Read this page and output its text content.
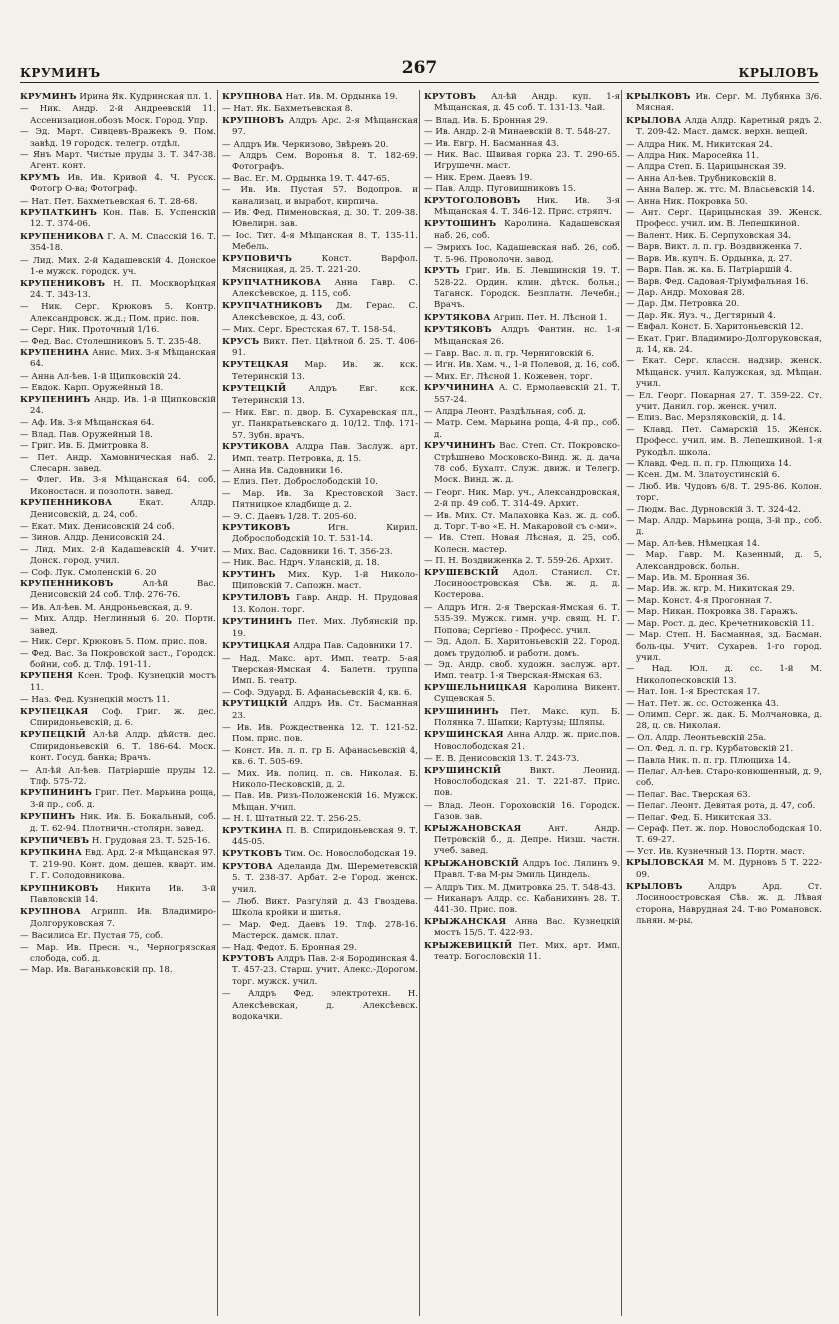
КРУМИНЪ	267	КРЫЛОВЪ
КРУМИНЪ Ирина Як. Кудринская пл. 1.
— Ник. Андр. 2-й Андреевскій 11. Ассенизацион.обозъ Моск. Город. Упр.
— Эд. Март. Сивцевъ-Вражекъ 9. Пом. завѣд. 19 городск. телегр. отдѣл.
— Янъ Март. Чистые пруды 3. Т. 347-38. Агент. конт.
КРУМЪ Ив. Ив. Кривой 4. Ч. Русск. Фотогр О-ва; Фотограф.
— Нат. Пет. Бахметьевская 6. Т. 28-68.
КРУПАТКИНЪ Кон. Пав. Б. Успенскій 12. Т. 374-06.
КРУПЕНИКОВА Г. А. М. Спасскій 16. Т. 354-18.
— Лид. Мих. 2-й Кадашевскій 4. Донское 1-е мужск. городск. уч.
КРУПЕНИКОВЪ Н. П. Москворѣцкая 24. Т. 343-13.
— Ник. Серг. Крюковъ 5. Контр. Александровск. ж.д.; Пом. прис. пов.
— Серг. Ник. Проточный 1/16.
— Фед. Вас. Столешниковъ 5. Т. 235-48.
КРУПЕНИНА Анис. Мих. 3-я Мѣщанская 64.
— Анна Ал-ѣев. 1-й Щипковскій 24.
— Евдок. Карп. Оружейный 18.
КРУПЕНИНЪ Андр. Ив. 1-й Щипковскій 24.
— Аф. Ив. 3-я Мѣщанская 64.
— Влад. Пав. Оружейный 18.
— Григ. Ив. Б. Дмитровка 8.
— Пет. Андр. Хамовническая наб. 2. Слесарн. завед.
— Флег. Ив. 3-я Мѣщанская 64. соб. Иконостасн. и позолотн. завед.
КРУПЕННИКОВА Екат. Алдр. Денисовскій, д. 24, соб.
— Екат. Мих. Денисовскій 24 соб.
— Зинов. Алдр. Денисовскій 24.
— Лид. Мих. 2-й Кадашевскій 4. Учит. Донск. город. учил.
— Соф. Лук. Смоленскій 6. 20
КРУПЕННИКОВЪ Ал-ѣй Вас. Денисовскій 24 соб. Тлф. 276-76.
— Ив. Ал-ѣев. М. Андроньевская, д. 9.
— Мих. Алдр. Неглинный 6. 20. Портн. завед.
— Ник. Серг. Крюковъ 5. Пом. прис. пов.
— Фед. Вас. За Покровской заст., Городск. бойни, соб. д. Тлф. 191-11.
КРУПЕНЯ Ксен. Троф. Кузнецкій мостъ 11.
— Наз. Фед. Кузнецкій мостъ 11.
КРУПЕЦКАЯ Соф. Григ. ж. дес. Спиридоньевскій, д. 6.
КРУПЕЦКІЙ Ал-ѣй Алдр. дѣйств. дес. Спиридоньевскій 6. Т. 186-64. Моск. конт. Госуд. банка; Врачъ.
— Ал-ѣй Ал-ѣев. Патріаршіе пруды 12. Тлф. 575-72.
КРУПИНИНЪ Григ. Пет. Марьина роща, 3-й пр., соб. д.
КРУПИНЪ Ник. Ив. Б. Бокальный, соб. д. Т. 62-94. Плотничн.-столярн. завед.
КРУПИЧЕВЪ Н. Грудовая 23. Т. 525-16.
КРУПКИНА Евд. Ард. 2-я Мѣщанская 97. Т. 219-90. Конт. дом. дешев. кварт. им. Г. Г. Солодовникова.
КРУПНИКОВЪ Никита Ив. 3-й Павловскій 14.
КРУПНОВА Агрипп. Ив. Владимиро-Долгоруковская 7.
— Василиса Ег. Пустая 75, соб.
— Мар. Ив. Пресн. ч., Черногрязская слобода, соб. д.
— Мар. Ив. Ваганьковскій пр. 18.
КРУПНОВА Нат. Ив. М. Ордынка 19.
— Нат. Як. Бахметьевская 8.
КРУПНОВЪ Алдръ Арс. 2-я Мѣщанская 97.
— Алдръ Ив. Черкизово, Звѣревъ 20.
— Алдръ Сем. Воронья 8. Т. 182-69. Фотографъ.
— Вас. Ег. М. Ордынка 19. Т. 447-65.
— Ив. Ив. Пустая 57. Водопров. и канализац. и выработ. кирпича.
— Ив. Фед. Пименовская, д. 30. Т. 209-38. Ювелирн. зав.
— Іос. Тит. 4-я Мѣщанская 8. Т. 135-11. Мебель.
КРУПОВИЧЪ Конст. Варфол. Мясницкая, д. 25. Т. 221-20.
КРУПЧАТНИКОВА Анна Гавр. С. Алексѣевское, д. 115, соб.
КРУПЧАТНИКОВЪ Дм. Герас. С. Алексѣевское, д. 43, соб.
— Мих. Серг. Брестская 67. Т. 158-54.
КРУСЪ Викт. Пет. Цвѣтной б. 25. Т. 406-91.
КРУТЕЦКАЯ Мар. Ив. ж. кск. Тетеринскій 13.
КРУТЕЦКІЙ Алдръ Евг. кск. Тетеринскій 13.
— Ник. Евг. п. двор. Б. Сухаревская пл., уг. Панкратьевскаго д. 10/12. Тлф. 171-57. Зубн. врачъ.
КРУТИКОВА Алдра Пав. Заслуж. арт. Имп. театр. Петровка, д. 15.
— Анна Ив. Садовники 16.
— Елиз. Пет. Доброслободскій 10.
— Мар. Ив. За Крестовской Заст. Пятницкое кладбище д. 2.
— Э. С. Даевъ 1/28. Т. 205-60.
КРУТИКОВЪ Игн. Кирил. Доброслободскій 10. Т. 531-14.
— Мих. Вас. Садовники 16. Т. 356-23.
— Ник. Вас. Ндрч. Уланскій, д. 18.
КРУТИНЪ Мих. Кур. 1-й Николо-Щиповскій 7. Сапожн. маст.
КРУТИЛОВЪ Гавр. Андр. Н. Прудовая 13. Колон. торг.
КРУТИНИНЪ Пет. Мих. Лубянскій пр. 19.
КРУТИЦКАЯ Алдра Пав. Садовники 17.
— Над. Макс. арт. Имп. театр. 5-ая Тверская-Ямская 4. Балетн. труппа Имп. Б. театр.
— Соф. Эдуард. Б. Афанасьевскій 4, кв. 6.
КРУТИЦКІЙ Алдръ Ив. Ст. Басманная 23.
— Ив. Ив. Рождественка 12. Т. 121-52. Пом. прис. пов.
— Конст. Ив. л. п. гр Б. Афанасьевскій 4, кв. 6. Т. 505-69.
— Мих. Ив. полиц. п. св. Николая. Б. Николо-Песковскій, д. 2.
— Пав. Ив. Ризъ-Положенскій 16. Мужск. Мѣщан. Учил.
— Н. І. Штатный 22. Т. 256-25.
КРУТКИНА П. В. Спиридоньевская 9. Т. 445-05.
КРУТКОВЪ Тим. Ос. Новослободская 19.
КРУТОВА Аделаида Дм. Шереметевскій 5. Т. 238-37. Арбат. 2-е Город. женск. учил.
— Люб. Викт. Разгуляй д. 43 Гвоздева. Школа кройки и шитья.
— Мар. Фед. Даевъ 19. Тлф. 278-16. Мастерск. дамск. плат.
— Над. Федот. Б. Бронная 29.
КРУТОВЪ Алдръ Пав. 2-я Бородинская 4. Т. 457-23. Старш. учит. Алекс.-Дорогом. торг. мужск. учил.
— Алдръ Фед. электротехн. Н. Алексѣевская, д. Алексѣевск. водокачки.
КРУТОВЪ Ал-ѣй Андр. куп. 1-я Мѣщанская, д. 45 соб. Т. 131-13. Чай.
— Влад. Ив. Б. Бронная 29.
— Ив. Андр. 2-й Минаевскій 8. Т. 548-27.
— Ив. Евгр. Н. Басманная 43.
— Ник. Вас. Швивая горка 23. Т. 290-65. Игрушечн. маст.
— Ник. Ерем. Даевъ 19.
— Пав. Алдр. Пуговишниковъ 15.
КРУТОГОЛОВОВЪ Ник. Ив. 3-я Мѣщанская 4. Т. 346-12. Прис. стряпч.
КРУТОШИНЪ Каролина. Кадашевская наб. 26, соб.
— Эмрихъ Іос. Кадашевская наб. 26, соб. Т. 5-96. Проволочн. завод.
КРУТЬ Григ. Ив. Б. Левшинскій 19. Т. 528-22. Ордин. клин. дѣтск. больн.; Таганск. Городск. Безплатн. Лечебн.; Врачъ.
КРУТЯКОВА Агрип. Пет. Н. Лѣсной 1.
КРУТЯКОВЪ Алдръ Фантин. нс. 1-я Мѣщанская 26.
— Гавр. Вас. л. п. гр. Черниговскій 6.
— Игн. Ив. Хам. ч., 1-й Полевой, д. 16, соб.
— Мих. Ег. Лѣсной 1. Кожевен. торг.
КРУЧИНИНА А. С. Ермолаевскій 21. Т. 557-24.
— Алдра Леонт. Раздѣльная, соб. д.
— Матр. Сем. Марьина роща, 4-й пр., соб. д.
КРУЧИНИНЪ Вас. Степ. Ст. Покровско-Стрѣшнево Московско-Винд. ж. д. дача 78 соб. Бухалт. Служ. движ. и Телегр. Моск. Винд. ж. д.
— Георг. Ник. Мар. уч., Александровская, 2-й пр. 49 соб. Т. 314-49. Архит.
— Ив. Мих. Ст. Малаховка Каз. ж. д. соб. д. Торг. Т-во «Е. Н. Макаровой съ с-ми».
— Ив. Степ. Новая Лѣсная, д. 25, соб. Колесн. мастер.
— П. Н. Воздвиженка 2. Т. 559-26. Архит.
КРУШЕВСКІЙ Адол. Станисл. Ст. Лосиноостровская Сѣв. ж. д. д. Костерова.
— Алдръ Игн. 2-я Тверская-Ямская 6. Т. 535-39. Мужск. гимн. учр. свящ. Н. Г. Попова; Сергіево - Професс. учил.
— Эд. Адол. Б. Харитоньевскій 22. Город. домъ трудолюб. и работн. домъ.
— Эд. Андр. своб. художн. заслуж. арт. Имп. театр. 1-я Тверская-Ямская 63.
КРУШЕЛЬНИЦКАЯ Каролина Викент. Сущевская 5.
КРУШИНИНЪ Пет. Макс. куп. Б. Полянка 7. Шапки; Картузы; Шляпы.
КРУШИНСКАЯ Анна Алдр. ж. прис.пов. Новослободская 21.
— Е. В. Денисовскій 13. Т. 243-73.
КРУШИНСКІЙ Викт. Леонид. Новослободская 21. Т. 221-87. Прис. пов.
— Влад. Леон. Гороховскій 16. Городск. Газов. зав.
КРЫЖАНОВСКАЯ Ант. Андр. Петровскій б., д. Депре. Низш. частн. учеб. завед.
КРЫЖАНОВСКІЙ Алдръ Іос. Лялинъ 9. Правл. Т-ва М-ры Эмиль Циндель.
— Алдръ Тих. М. Дмитровка 25. Т. 548-43.
— Никанаръ Алдр. сс. Кабанихинъ 28. Т. 441-30. Прис. пов.
КРЫЖАНСКАЯ Анна Вас. Кузнецкій мостъ 15/5. Т. 422-93.
КРЫЖЕВИЦКІЙ Пет. Мих. арт. Имп. театр. Богословскій 11.
КРЫЛКОВЪ Ив. Серг. М. Лубянка 3/6. Мясная.
КРЫЛОВА Алда Алдр. Каретный рядъ 2. Т. 209-42. Маст. дамск. верхн. вещей.
— Алдра Ник. М. Никитская 24.
— Алдра Ник. Маросейка 11.
— Алдра Степ. Б. Царицынская 39.
— Анна Ал-ѣев. Трубниковскій 8.
— Анна Валер. ж. ттс. М. Власьевскій 14.
— Анна Ник. Покровка 50.
— Ант. Серг. Царицынская 39. Женск. Професс. учил. им. В. Лепешкиной.
— Валент. Ник. Б. Серпуховская 34.
— Варв. Викт. л. п. гр. Воздвиженка 7.
— Варв. Ив. купч. Б. Ордынка, д. 27.
— Варв. Пав. ж. ка. Б. Патріаршій 4.
— Варв. Фед. Садовая-Тріумфальная 16.
— Дар. Андр. Моховая 28.
— Дар. Дм. Петровка 20.
— Дар. Як. Яуз. ч., Дегтярный 4.
— Евфал. Конст. Б. Харитоньевскій 12.
— Екат. Григ. Владимиро-Долгоруковская, д. 14, кв. 24.
— Екат. Серг. классн. надзир. женск. Мѣщанск. учил. Калужская, зд. Мѣщан. учил.
— Ел. Георг. Покарная 27. Т. 359-22. Ст. учит. Данил. гор. женск. учил.
— Елиз. Вас. Мерзляковскій, д. 14.
— Клавд. Пет. Самарскій 15. Женск. Професс. учил. им. В. Лепешкиной. 1-я Рукодѣл. школа.
— Клавд. Фед. п. п. гр. Плющиха 14.
— Ксен. Дм. М. Златоустинскій 6.
— Люб. Ив. Чудовъ 6/8. Т. 295-86. Колон. торг.
— Людм. Вас. Дурновскій 3. Т. 324-42.
— Мар. Алдр. Марьина роща, 3-й пр., соб. д.
— Мар. Ал-ѣев. Нѣмецкая 14.
— Мар. Гавр. М. Казенный, д. 5, Александровск. больн.
— Мар. Ив. М. Бронная 36.
— Мар. Ив. ж. кгр. М. Никитская 29.
— Мар. Конст. 4-я Прогонная 7.
— Мар. Никан. Покровка 38. Гаражъ.
— Мар. Рост. д. дес. Кречетниковскій 11.
— Мар. Степ. Н. Басманная, зд. Басман. боль-цы. Учит. Сухарев. 1-го город. учил.
— Над. Юл. д. сс. 1-й М. Николопесковскій 13.
— Нат. Іон. 1-я Брестская 17.
— Нат. Пет. ж. сс. Остоженка 43.
— Олимп. Серг. ж. дак. Б. Молчановка, д. 28, ц. св. Николая.
— Ол. Алдр. Леонтьевскій 25а.
— Ол. Фед. л. п. гр. Курбатовскій 21.
— Павла Ник. п. п. гр. Плющиха 14.
— Пелаг. Ал-ѣев. Старо-конюшенный, д. 9, соб.
— Пелаг. Вас. Тверская 63.
— Пелаг. Леонт. Девятая рота, д. 47, соб.
— Пелаг. Фед. Б. Никитская 33.
— Сераф. Пет. ж. пор. Новослободская 10. Т. 69-27.
— Уст. Ив. Кузнечный 13. Портн. маст.
КРЫЛОВСКАЯ М. М. Дурновъ 5 Т. 222-09.
КРЫЛОВЪ Алдръ Ард. Ст. Лосиноостровская Сѣв. ж. д. Лѣвая сторона, Наврудная 24. Т-во Романовск. льнян. м-ры.
